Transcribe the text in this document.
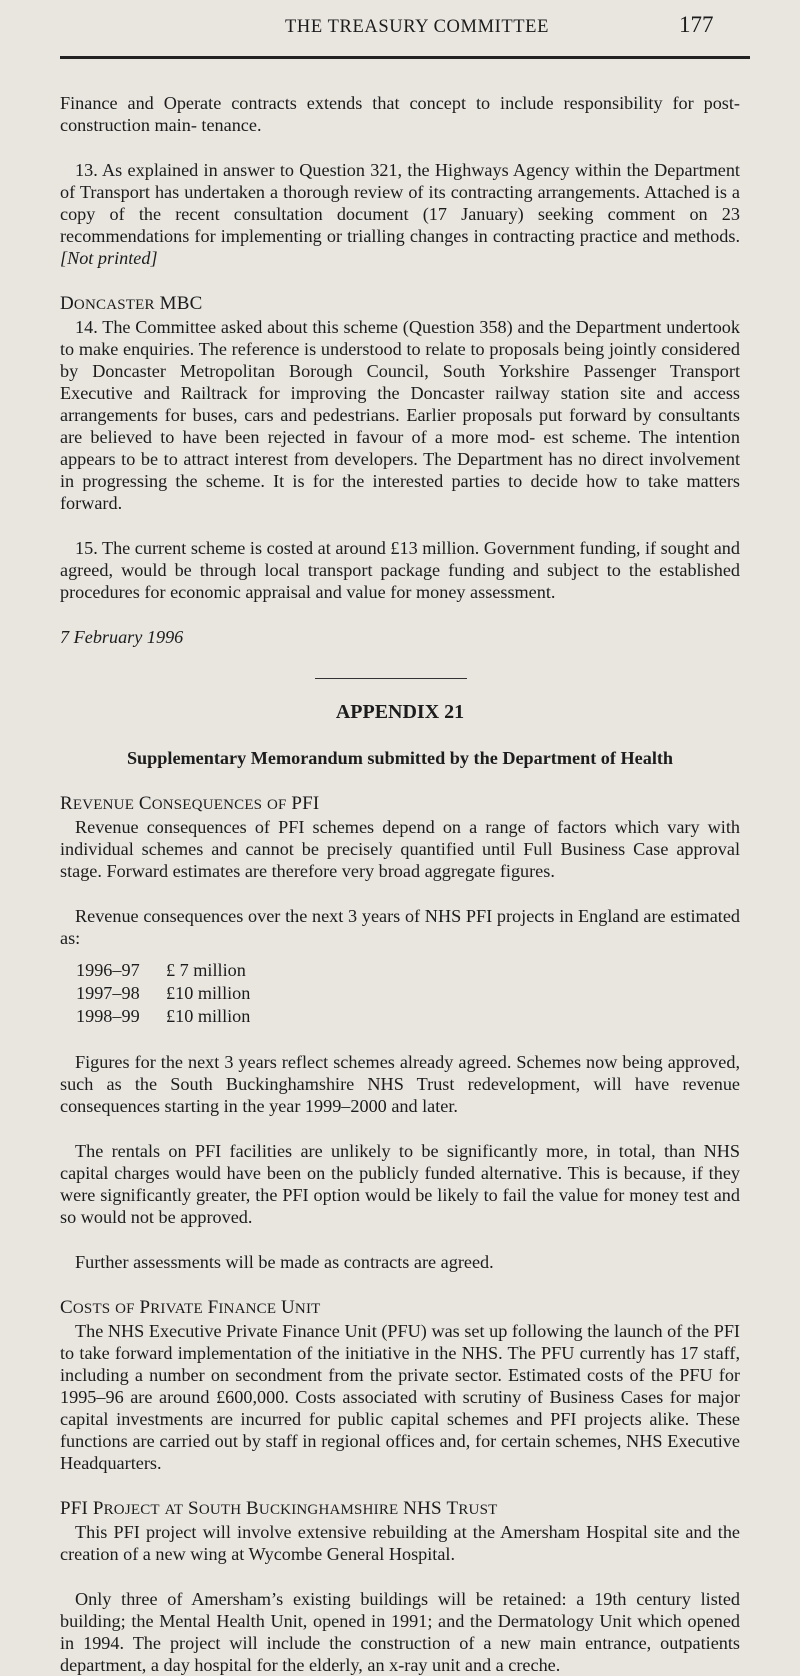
THE TREASURY COMMITTEE	177

Finance and Operate contracts extends that concept to include responsibility for post-construction main- tenance.

13. As explained in answer to Question 321, the Highways Agency within the Department of Transport has undertaken a thorough review of its contracting arrangements. Attached is a copy of the recent consultation document (17 January) seeking comment on 23 recommendations for implementing or trialling changes in contracting practice and methods.[Not printed]

DONCASTER MBC

14. The Committee asked about this scheme (Question 358) and the Department undertook to make enquiries. The reference is understood to relate to proposals being jointly considered by Doncaster Metropolitan Borough Council, South Yorkshire Passenger Transport Executive and Railtrack for improving the Doncaster railway station site and access arrangements for buses, cars and pedestrians. Earlier proposals put forward by consultants are believed to have been rejected in favour of a more mod- est scheme. The intention appears to be to attract interest from developers. The Department has no direct involvement in progressing the scheme. It is for the interested parties to decide how to take matters forward.

15. The current scheme is costed at around £13 million. Government funding, if sought and agreed, would be through local transport package funding and subject to the established procedures for economic appraisal and value for money assessment.

7 February 1996

APPENDIX 21

Supplementary Memorandum submitted by the Department of Health

REVENUE CONSEQUENCES OF PFI

Revenue consequences of PFI schemes depend on a range of factors which vary with individual schemes and cannot be precisely quantified until Full Business Case approval stage. Forward estimates are therefore very broad aggregate figures.

Revenue consequences over the next 3 years of NHS PFI projects in England are estimated as:

1996–97 £ 7 million
1997–98 £10 million
1998–99 £10 million

Figures for the next 3 years reflect schemes already agreed. Schemes now being approved, such as the South Buckinghamshire NHS Trust redevelopment, will have revenue consequences starting in the year 1999–2000 and later.

The rentals on PFI facilities are unlikely to be significantly more, in total, than NHS capital charges would have been on the publicly funded alternative. This is because, if they were significantly greater, the PFI option would be likely to fail the value for money test and so would not be approved.

Further assessments will be made as contracts are agreed.

COSTS OF PRIVATE FINANCE UNIT

The NHS Executive Private Finance Unit (PFU) was set up following the launch of the PFI to take forward implementation of the initiative in the NHS. The PFU currently has 17 staff, including a number on secondment from the private sector. Estimated costs of the PFU for 1995–96 are around £600,000. Costs associated with scrutiny of Business Cases for major capital investments are incurred for public capital schemes and PFI projects alike. These functions are carried out by staff in regional offices and, for certain schemes, NHS Executive Headquarters.

PFI PROJECT AT SOUTH BUCKINGHAMSHIRE NHS TRUST

This PFI project will involve extensive rebuilding at the Amersham Hospital site and the creation of a new wing at Wycombe General Hospital.

Only three of Amersham’s existing buildings will be retained: a 19th century listed building; the Mental Health Unit, opened in 1991; and the Dermatology Unit which opened in 1994. The project will include the construction of a new main entrance, outpatients department, a day hospital for the elderly, an x-ray unit and a creche.
